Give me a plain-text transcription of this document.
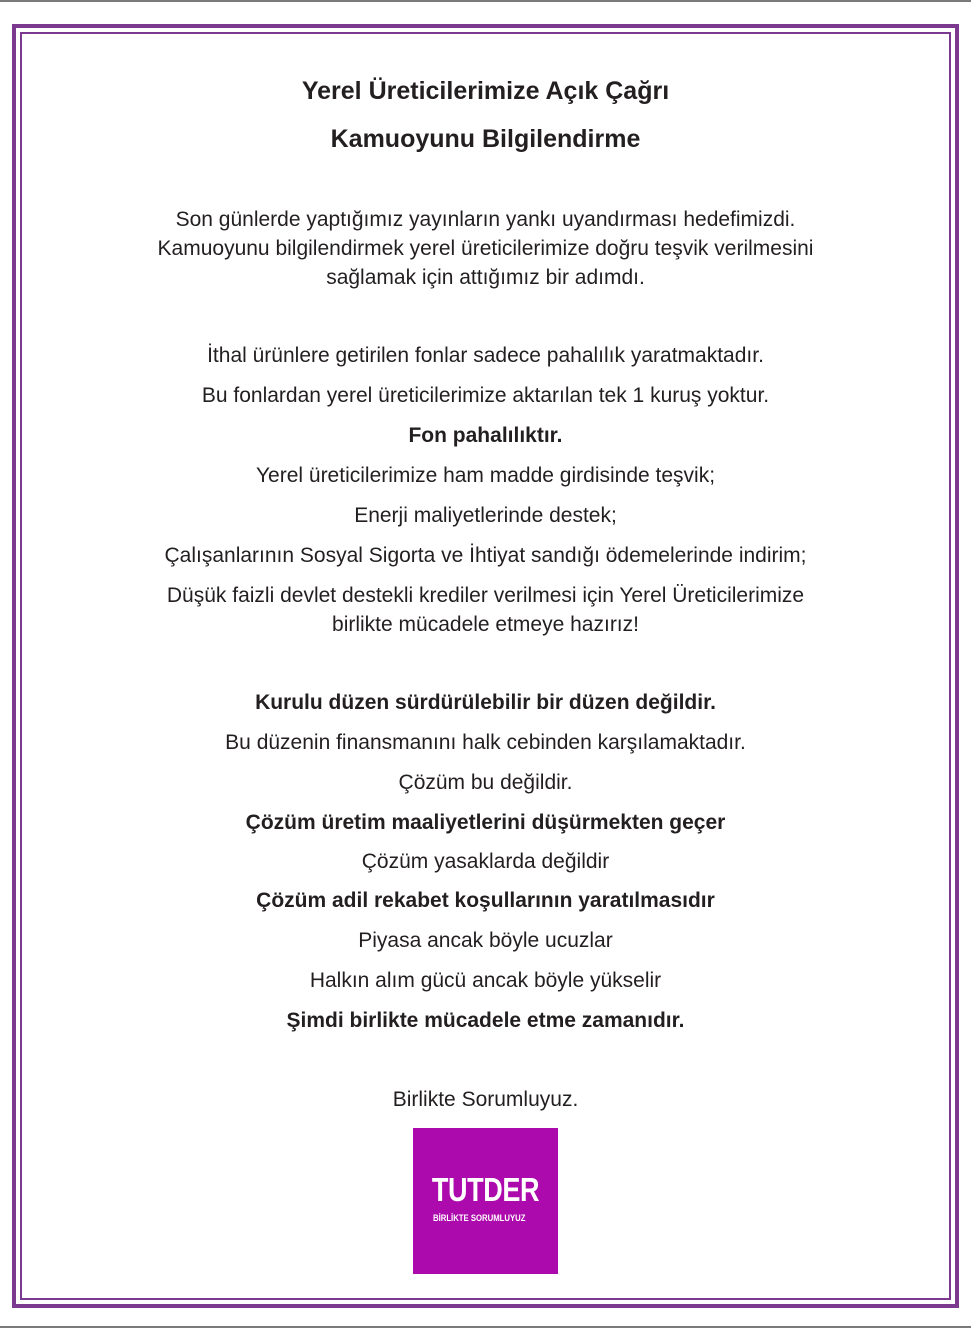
Yerel Üreticilerimize Açık Çağrı
Kamuoyunu Bilgilendirme
Son günlerde yaptığımız yayınların yankı uyandırması hedefimizdi.
Kamuoyunu bilgilendirmek yerel üreticilerimize doğru teşvik verilmesini
sağlamak için attığımız bir adımdı.
İthal ürünlere getirilen fonlar sadece pahalılık yaratmaktadır.
Bu fonlardan yerel üreticilerimize aktarılan tek 1 kuruş yoktur.
Fon pahalılıktır.
Yerel üreticilerimize ham madde girdisinde teşvik;
Enerji maliyetlerinde destek;
Çalışanlarının Sosyal Sigorta ve İhtiyat sandığı ödemelerinde indirim;
Düşük faizli devlet destekli krediler verilmesi için Yerel Üreticilerimize
birlikte mücadele etmeye hazırız!
Kurulu düzen sürdürülebilir bir düzen değildir.
Bu düzenin finansmanını halk cebinden karşılamaktadır.
Çözüm bu değildir.
Çözüm üretim maaliyetlerini düşürmekten geçer
Çözüm yasaklarda değildir
Çözüm adil rekabet koşullarının yaratılmasıdır
Piyasa ancak böyle ucuzlar
Halkın alım gücü ancak böyle yükselir
Şimdi birlikte mücadele etme zamanıdır.
Birlikte Sorumluyuz.
TUTDER
BİRLİKTE SORUMLUYUZ
